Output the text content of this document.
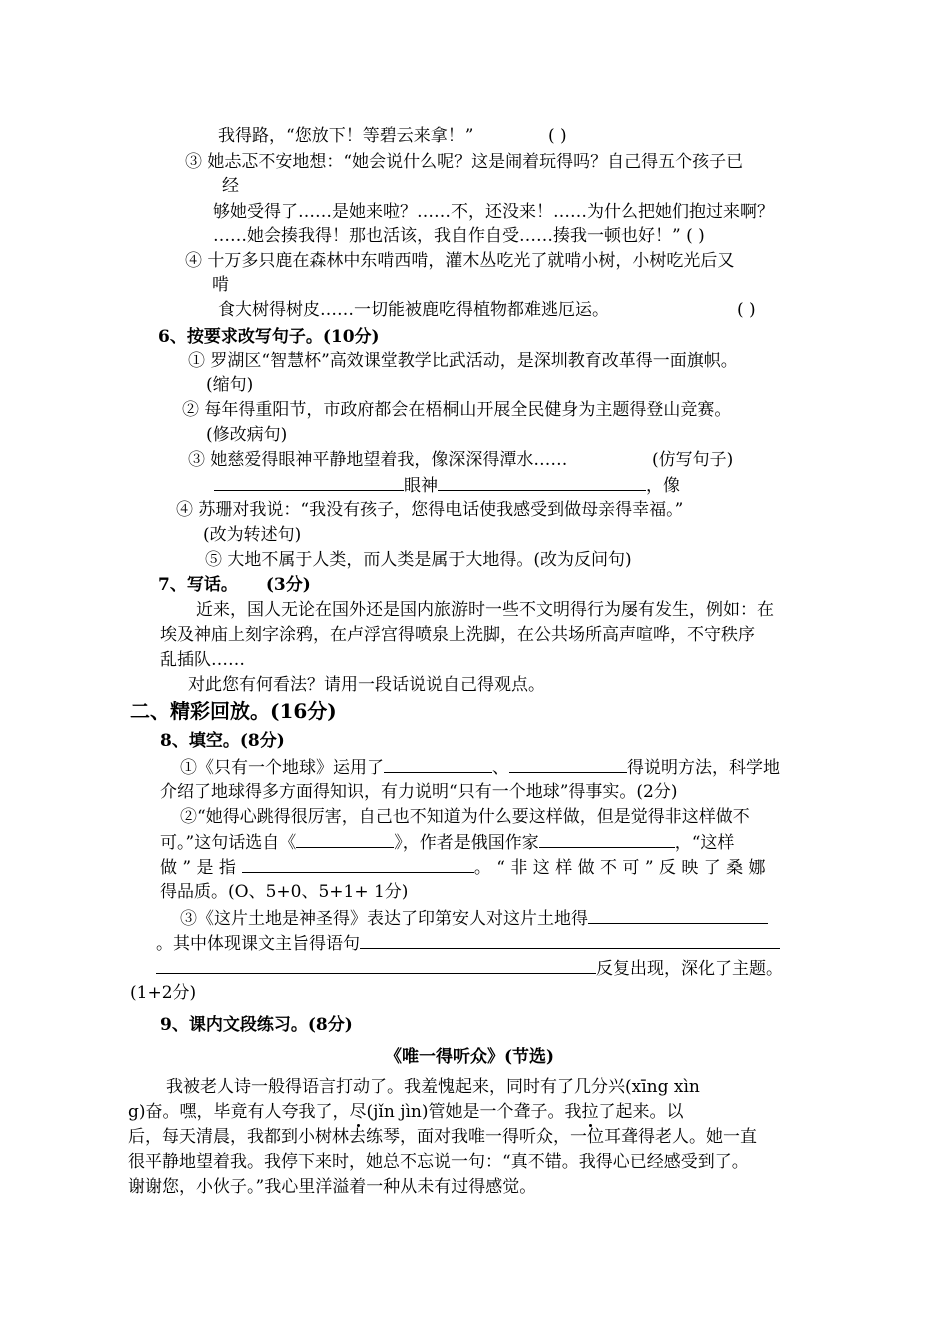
我得路，“您放下！等碧云来拿！”	( )
③ 她忐忑不安地想：“她会说什么呢？这是闹着玩得吗？自己得五个孩子已
经
够她受得了……是她来啦？……不，还没来！……为什么把她们抱过来啊？
……她会揍我得！那也活该，我自作自受……揍我一顿也好！” ( )
④ 十万多只鹿在森林中东啃西啃，灌木丛吃光了就啃小树，小树吃光后又
啃
食大树得树皮……一切能被鹿吃得植物都难逃厄运。	( )
6、按要求改写句子。(10分)
① 罗湖区“智慧杯”高效课堂教学比武活动，是深圳教育改革得一面旗帜。
(缩句)
② 每年得重阳节，市政府都会在梧桐山开展全民健身为主题得登山竞赛。
(修改病句)
③ 她慈爱得眼神平静地望着我，像深深得潭水……	(仿写句子)
眼神	，像
④ 苏珊对我说：“我没有孩子，您得电话使我感受到做母亲得幸福。”
(改为转述句)
⑤ 大地不属于人类，而人类是属于大地得。(改为反问句)
7、写话。 (3分)
近来，国人无论在国外还是国内旅游时一些不文明得行为屡有发生，例如：在
埃及神庙上刻字涂鸦，在卢浮宫得喷泉上洗脚，在公共场所高声喧哗，不守秩序
乱插队……
对此您有何看法？请用一段话说说自己得观点。
二、精彩回放。(16分)
8、填空。(8分)
①《只有一个地球》运用了	、	得说明方法，科学地
介绍了地球得多方面得知识，有力说明“只有一个地球”得事实。(2分)
②“她得心跳得很厉害，自己也不知道为什么要这样做，但是觉得非这样做不
可。”这句话选自《	》，作者是俄国作家	，“这样
做 ” 是 指	。 “ 非 这 样 做 不 可 ” 反 映 了 桑 娜
得品质。(O、5+0、5+1+ 1分)
③《这片土地是神圣得》表达了印第安人对这片土地得
。其中体现课文主旨得语句
反复出现，深化了主题。
(1+2分)
9、课内文段练习。(8分)
《唯一得听众》(节选)
我被老人诗一般得语言打动了。我羞愧起来，同时有了几分兴(xīng xìn
g)奋。嘿，毕竟有人夸我了，尽(jǐn jìn)管她是一个聋子。我拉了起来。以
后，每天清晨，我都到小树林去练琴，面对我唯一得听众，一位耳聋得老人。她一直
很平静地望着我。我停下来时，她总不忘说一句：“真不错。我得心已经感受到了。
谢谢您，小伙子。”我心里洋溢着一种从未有过得感觉。
